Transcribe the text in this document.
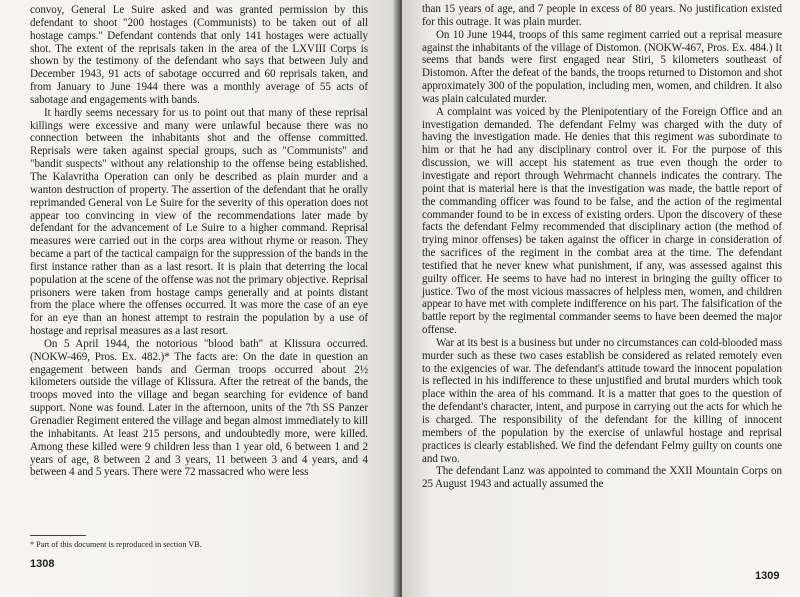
convoy, General Le Suire asked and was granted permission by this defendant to shoot "200 hostages (Communists) to be taken out of all hostage camps." Defendant contends that only 141 hostages were actually shot. The extent of the reprisals taken in the area of the LXVIII Corps is shown by the testimony of the defendant who says that between July and December 1943, 91 acts of sabotage occurred and 60 reprisals taken, and from January to June 1944 there was a monthly average of 55 acts of sabotage and engagements with bands.

It hardly seems necessary for us to point out that many of these reprisal killings were excessive and many were unlawful because there was no connection between the inhabitants shot and the offense committed. Reprisals were taken against special groups, such as "Communists" and "bandit suspects" without any relationship to the offense being established. The Kalavritha Operation can only be described as plain murder and a wanton destruction of property. The assertion of the defendant that he orally reprimanded General von Le Suire for the severity of this operation does not appear too convincing in view of the recommendations later made by defendant for the advancement of Le Suire to a higher command. Reprisal measures were carried out in the corps area without rhyme or reason. They became a part of the tactical campaign for the suppression of the bands in the first instance rather than as a last resort. It is plain that deterring the local population at the scene of the offense was not the primary objective. Reprisal prisoners were taken from hostage camps generally and at points distant from the place where the offenses occurred. It was more the case of an eye for an eye than an honest attempt to restrain the population by a use of hostage and reprisal measures as a last resort.

On 5 April 1944, the notorious "blood bath" at Klissura occurred. (NOKW-469, Pros. Ex. 482.)* The facts are: On the date in question an engagement between bands and German troops occurred about 2½ kilometers outside the village of Klissura. After the retreat of the bands, the troops moved into the village and began searching for evidence of band support. None was found. Later in the afternoon, units of the 7th SS Panzer Grenadier Regiment entered the village and began almost immediately to kill the inhabitants. At least 215 persons, and undoubtedly more, were killed. Among these killed were 9 children less than 1 year old, 6 between 1 and 2 years of age, 8 between 2 and 3 years, 11 between 3 and 4 years, and 4 between 4 and 5 years. There were 72 massacred who were less

* Part of this document is reproduced in section VB.
1308

than 15 years of age, and 7 people in excess of 80 years. No justification existed for this outrage. It was plain murder.

On 10 June 1944, troops of this same regiment carried out a reprisal measure against the inhabitants of the village of Distomon. (NOKW-467, Pros. Ex. 484.) It seems that bands were first engaged near Stiri, 5 kilometers southeast of Distomon. After the defeat of the bands, the troops returned to Distomon and shot approximately 300 of the population, including men, women, and children. It also was plain calculated murder.

A complaint was voiced by the Plenipotentiary of the Foreign Office and an investigation demanded. The defendant Felmy was charged with the duty of having the investigation made. He denies that this regiment was subordinate to him or that he had any disciplinary control over it. For the purpose of this discussion, we will accept his statement as true even though the order to investigate and report through Wehrmacht channels indicates the contrary. The point that is material here is that the investigation was made, the battle report of the commanding officer was found to be false, and the action of the regimental commander found to be in excess of existing orders. Upon the discovery of these facts the defendant Felmy recommended that disciplinary action (the method of trying minor offenses) be taken against the officer in charge in consideration of the sacrifices of the regiment in the combat area at the time. The defendant testified that he never knew what punishment, if any, was assessed against this guilty officer. He seems to have had no interest in bringing the guilty officer to justice. Two of the most vicious massacres of helpless men, women, and children appear to have met with complete indifference on his part. The falsification of the battle report by the regimental commander seems to have been deemed the major offense.

War at its best is a business but under no circumstances can cold-blooded mass murder such as these two cases establish be considered as related remotely even to the exigencies of war. The defendant's attitude toward the innocent population is reflected in his indifference to these unjustified and brutal murders which took place within the area of his command. It is a matter that goes to the question of the defendant's character, intent, and purpose in carrying out the acts for which he is charged. The responsibility of the defendant for the killing of innocent members of the population by the exercise of unlawful hostage and reprisal practices is clearly established. We find the defendant Felmy guilty on counts one and two.

The defendant Lanz was appointed to command the XXII Mountain Corps on 25 August 1943 and actually assumed the

1309
